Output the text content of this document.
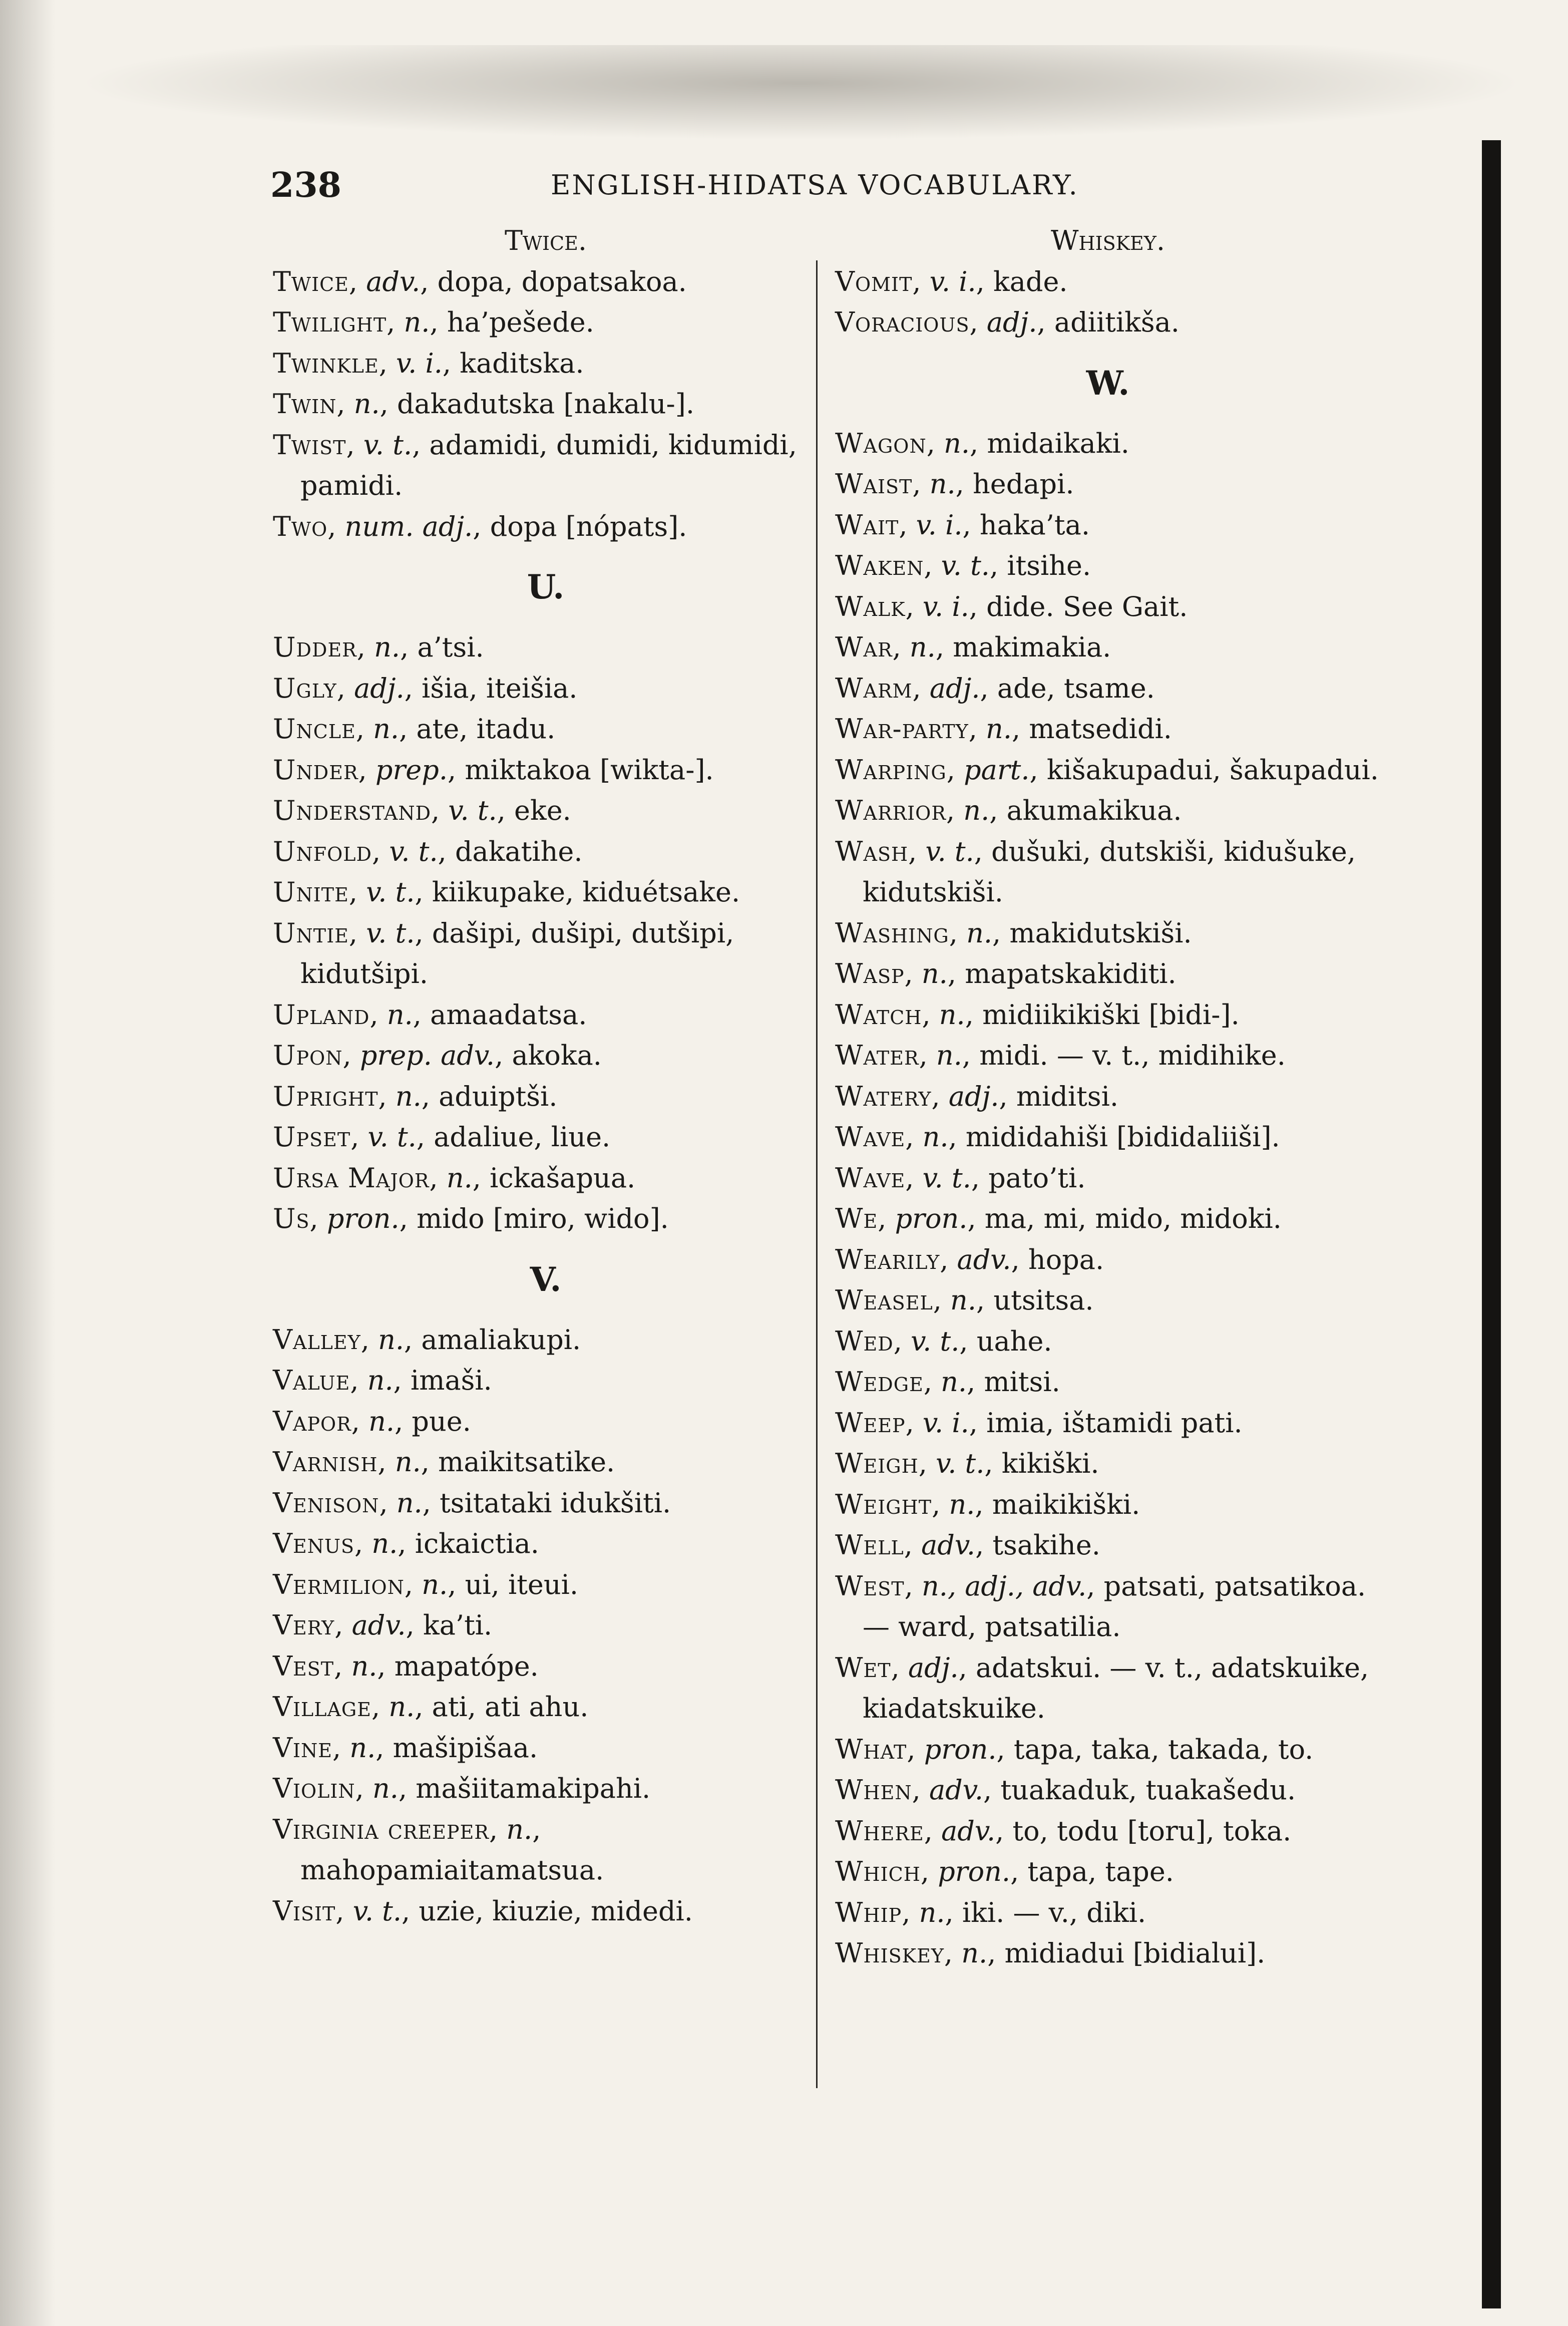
238	ENGLISH-HIDATSA VOCABULARY.
Twice.
Twice, adv., dopa, dopatsakoa.
Twilight, n., ha’pešede.
Twinkle, v. i., kaditska.
Twin, n., dakadutska [nakalu-].
Twist, v. t., adamidi, dumidi, kidumidi, pamidi.
Two, num. adj., dopa [nópats].
U.
Udder, n., a’tsi.
Ugly, adj., išia, iteišia.
Uncle, n., ate, itadu.
Under, prep., miktakoa [wikta-].
Understand, v. t., eke.
Unfold, v. t., dakatihe.
Unite, v. t., kiikupake, kiduétsake.
Untie, v. t., dašipi, dušipi, dutšipi, kidutšipi.
Upland, n., amaadatsa.
Upon, prep. adv., akoka.
Upright, n., aduiptši.
Upset, v. t., adaliue, liue.
Ursa Major, n., ickašapua.
Us, pron., mido [miro, wido].
V.
Valley, n., amaliakupi.
Value, n., imaši.
Vapor, n., pue.
Varnish, n., maikitsatike.
Venison, n., tsitataki idukšiti.
Venus, n., ickaictia.
Vermilion, n., ui, iteui.
Very, adv., ka’ti.
Vest, n., mapatópe.
Village, n., ati, ati ahu.
Vine, n., mašipišaa.
Violin, n., mašiitamakipahi.
Virginia creeper, n., mahopamiaitamatsua.
Visit, v. t., uzie, kiuzie, midedi.
Whiskey.
Vomit, v. i., kade.
Voracious, adj., adiitikša.
W.
Wagon, n., midaikaki.
Waist, n., hedapi.
Wait, v. i., haka’ta.
Waken, v. t., itsihe.
Walk, v. i., dide. See Gait.
War, n., makimakia.
Warm, adj., ade, tsame.
War-party, n., matsedidi.
Warping, part., kišakupadui, šakupadui.
Warrior, n., akumakikua.
Wash, v. t., dušuki, dutskiši, kidušuke, kidutskiši.
Washing, n., makidutskiši.
Wasp, n., mapatskakiditi.
Watch, n., midiikikiški [bidi-].
Water, n., midi. — v. t., midihike.
Watery, adj., miditsi.
Wave, n., mididahiši [bididaliiši].
Wave, v. t., pato’ti.
We, pron., ma, mi, mido, midoki.
Wearily, adv., hopa.
Weasel, n., utsitsa.
Wed, v. t., uahe.
Wedge, n., mitsi.
Weep, v. i., imia, ištamidi pati.
Weigh, v. t., kikiški.
Weight, n., maikikiški.
Well, adv., tsakihe.
West, n., adj., adv., patsati, patsatikoa. — ward, patsatilia.
Wet, adj., adatskui. — v. t., adatskuike, kiadatskuike.
What, pron., tapa, taka, takada, to.
When, adv., tuakaduk, tuakašedu.
Where, adv., to, todu [toru], toka.
Which, pron., tapa, tape.
Whip, n., iki. — v., diki.
Whiskey, n., midiadui [bidialui].
